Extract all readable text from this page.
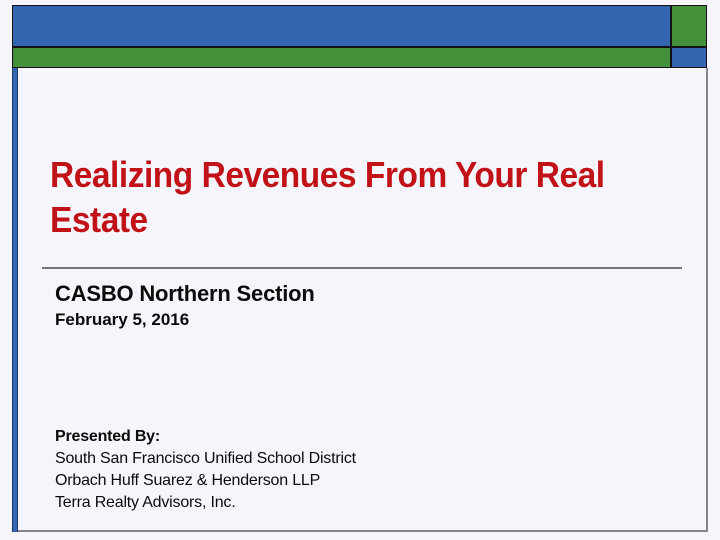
Realizing Revenues From Your Real
Estate
CASBO Northern Section
February 5, 2016
Presented By:
South San Francisco Unified School District
Orbach Huff Suarez & Henderson LLP
Terra Realty Advisors, Inc.
